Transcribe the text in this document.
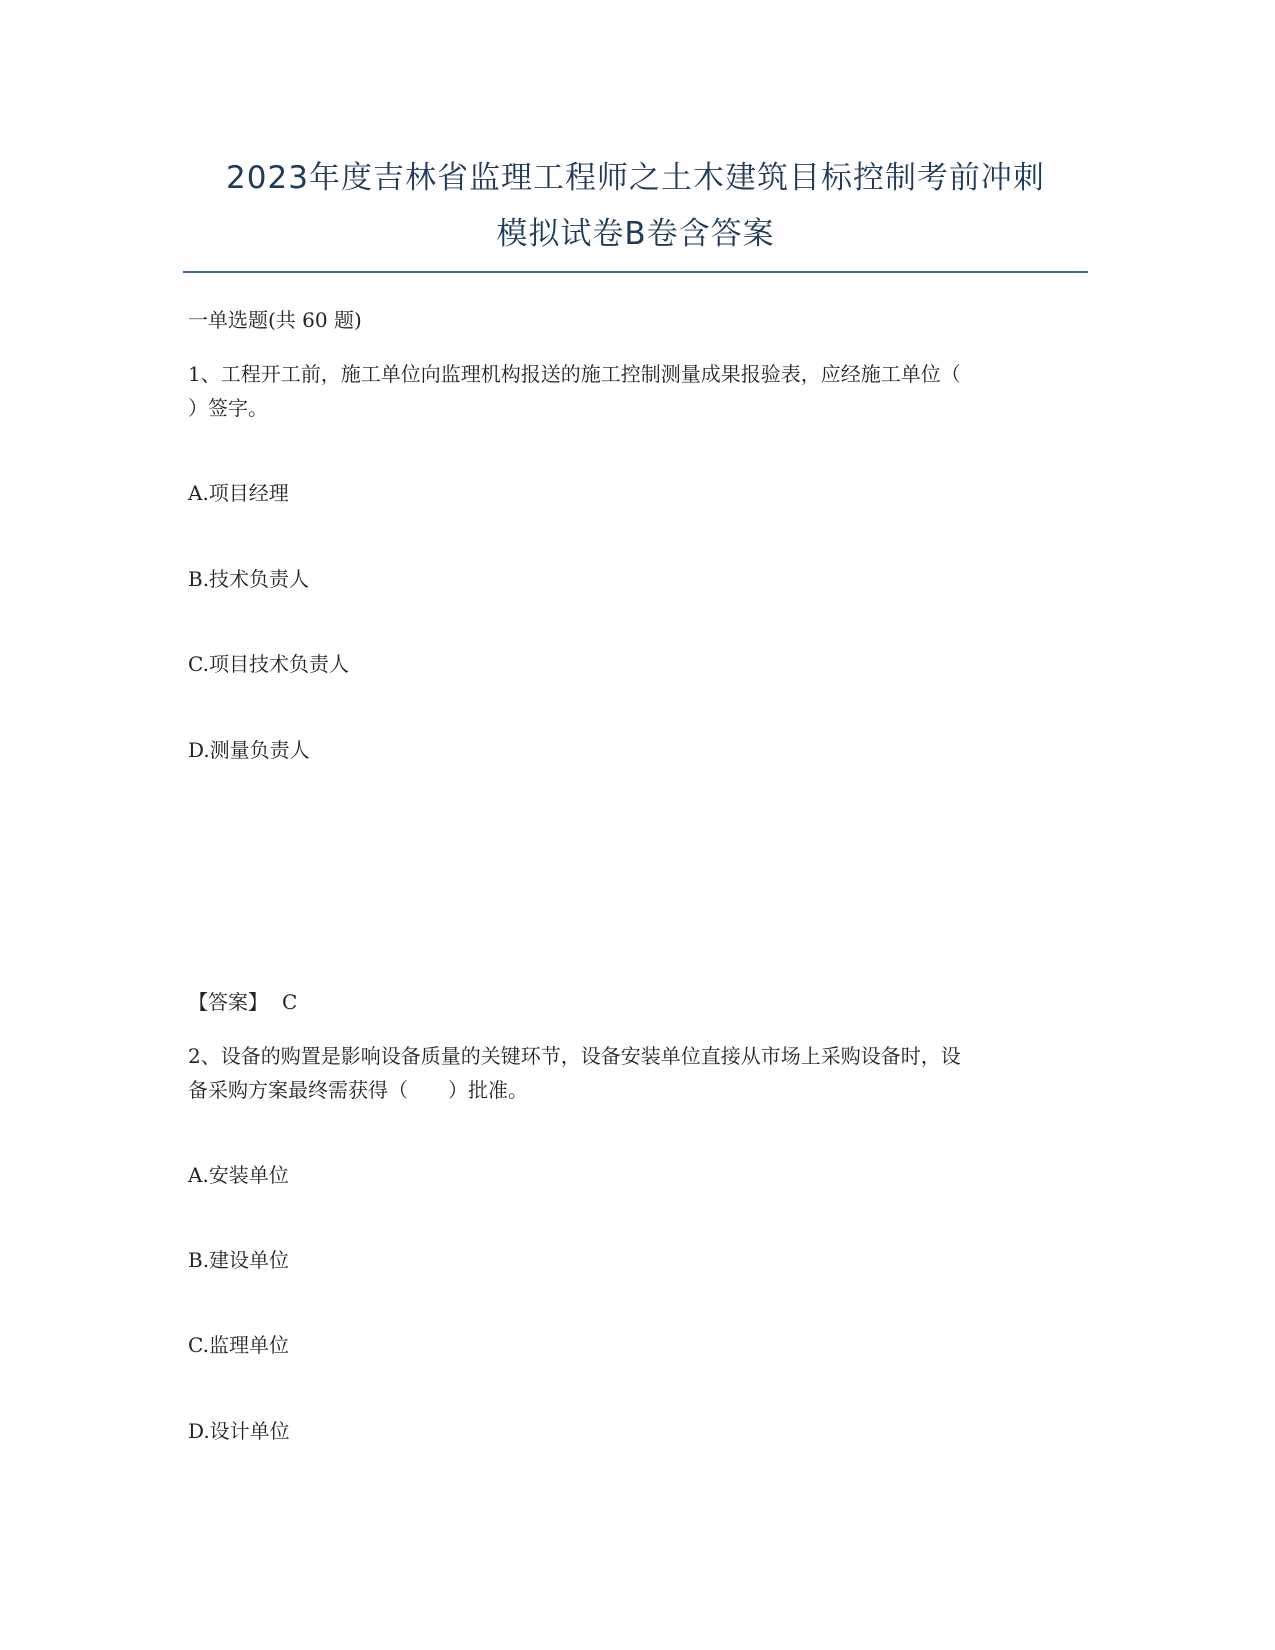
2023年度吉林省监理工程师之土木建筑目标控制考前冲刺
模拟试卷B卷含答案
一单选题(共 60 题)
1、工程开工前，施工单位向监理机构报送的施工控制测量成果报验表，应经施工单位（
）签字。
A.项目经理
B.技术负责人
C.项目技术负责人
D.测量负责人
【答案】 C
2、设备的购置是影响设备质量的关键环节，设备安装单位直接从市场上采购设备时，设
备采购方案最终需获得（　　）批准。
A.安装单位
B.建设单位
C.监理单位
D.设计单位
